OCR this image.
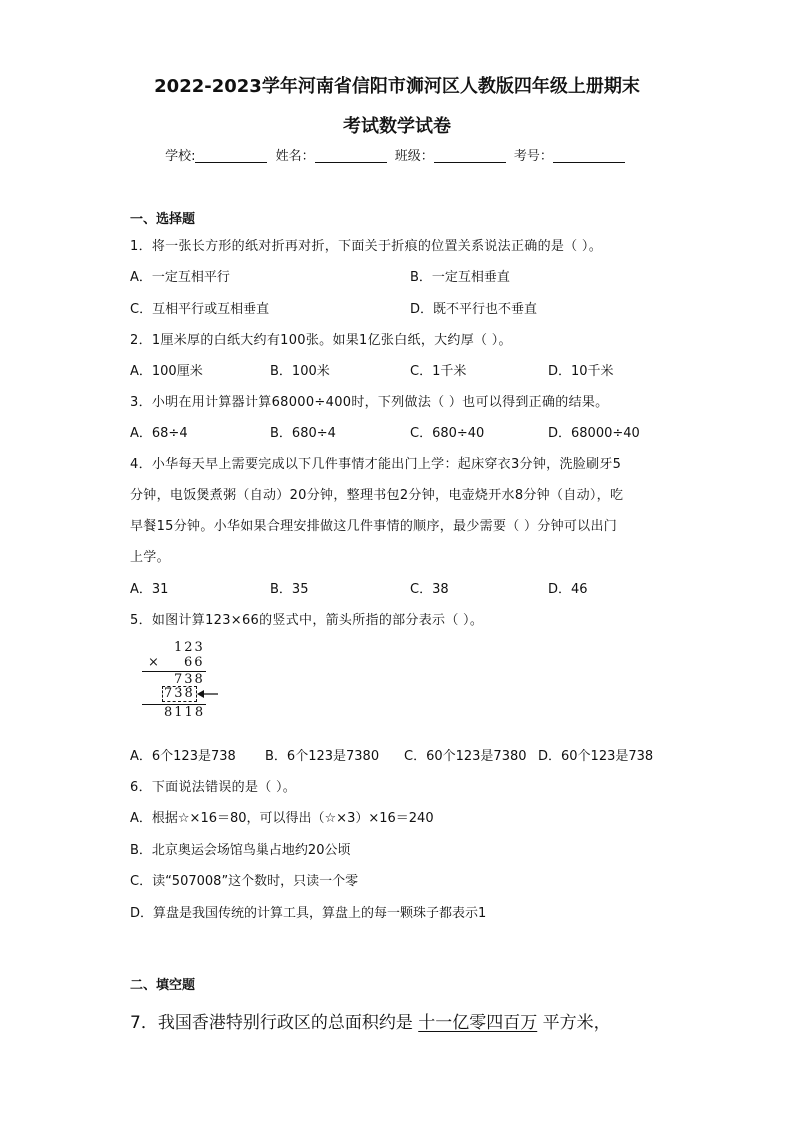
2022-2023学年河南省信阳市浉河区人教版四年级上册期末
考试数学试卷
学校:	姓名：	班级：	考号：
一、选择题
1．将一张长方形的纸对折再对折，下面关于折痕的位置关系说法正确的是（ ）。
A．一定互相平行	B．一定互相垂直
C．互相平行或互相垂直	D．既不平行也不垂直
2．1厘米厚的白纸大约有100张。如果1亿张白纸，大约厚（ ）。
A．100厘米	B．100米	C．1千米	D．10千米
3．小明在用计算器计算68000÷400时，下列做法（ ）也可以得到正确的结果。
A．68÷4	B．680÷4	C．680÷40	D．68000÷40
4．小华每天早上需要完成以下几件事情才能出门上学：起床穿衣3分钟，洗脸刷牙5
分钟，电饭煲煮粥（自动）20分钟，整理书包2分钟，电壶烧开水8分钟（自动），吃
早餐15分钟。小华如果合理安排做这几件事情的顺序，最少需要（ ）分钟可以出门
上学。
A．31	B．35	C．38	D．46
5．如图计算123×66的竖式中，箭头所指的部分表示（ ）。
123
× 66
738
738
8118
A．6个123是738 B．6个123是7380 C．60个123是7380 D．60个123是738
6．下面说法错误的是（ ）。
A．根据☆×16＝80，可以得出（☆×3）×16＝240
B．北京奥运会场馆鸟巢占地约20公顷
C．读“507008”这个数时，只读一个零
D．算盘是我国传统的计算工具，算盘上的每一颗珠子都表示1
二、填空题
7．我国香港特别行政区的总面积约是 十一亿零四百万 平方米，
